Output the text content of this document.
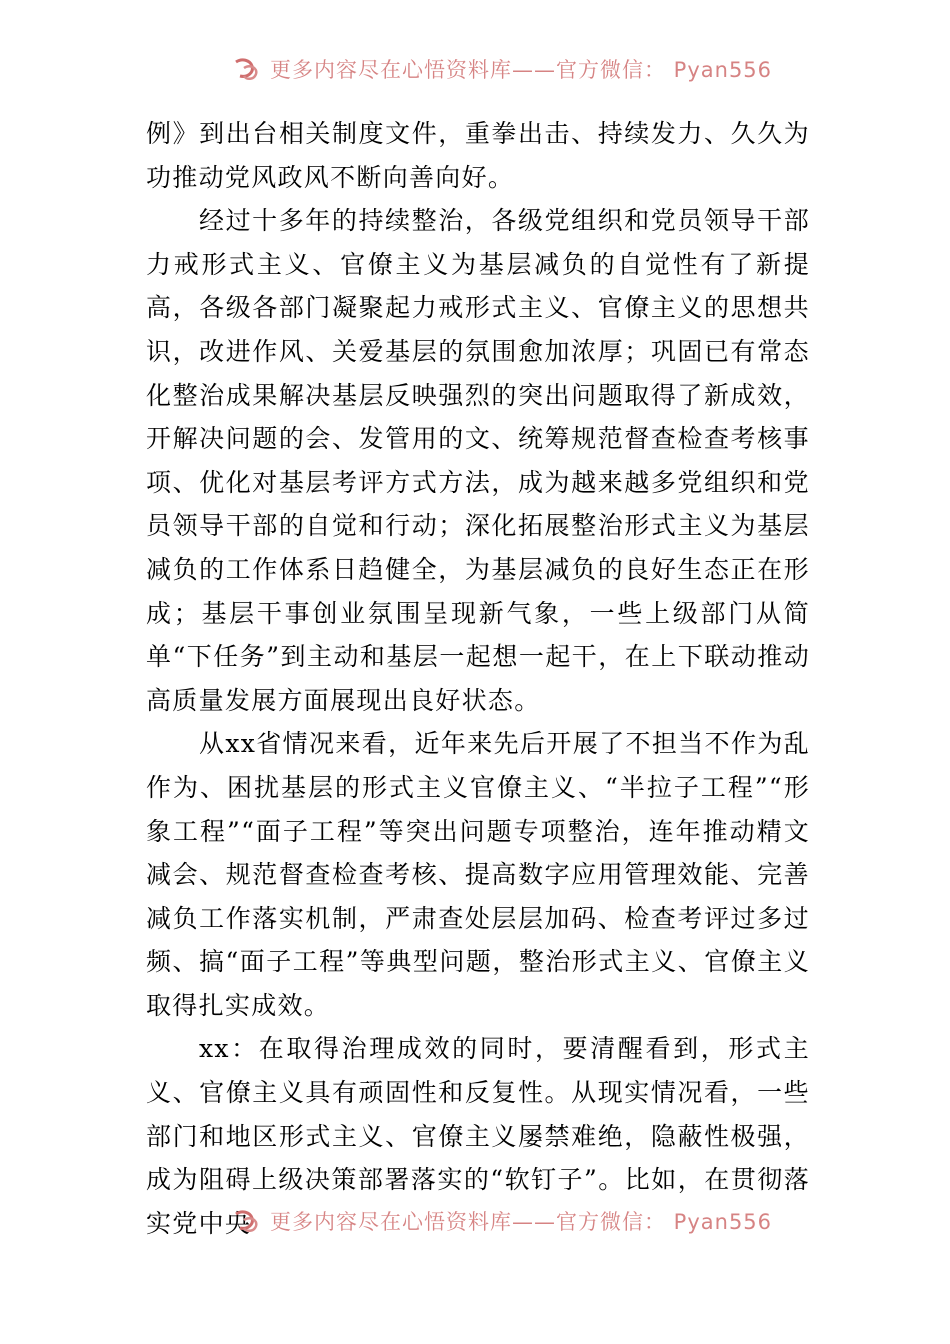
更多内容尽在心悟资料库——官方微信： Pyan556

例》到出台相关制度文件，重拳出击、持续发力、久久为功推动党风政风不断向善向好。

经过十多年的持续整治，各级党组织和党员领导干部力戒形式主义、官僚主义为基层减负的自觉性有了新提高，各级各部门凝聚起力戒形式主义、官僚主义的思想共识，改进作风、关爱基层的氛围愈加浓厚；巩固已有常态化整治成果解决基层反映强烈的突出问题取得了新成效，开解决问题的会、发管用的文、统筹规范督查检查考核事项、优化对基层考评方式方法，成为越来越多党组织和党员领导干部的自觉和行动；深化拓展整治形式主义为基层减负的工作体系日趋健全，为基层减负的良好生态正在形成；基层干事创业氛围呈现新气象，一些上级部门从简单“下任务”到主动和基层一起想一起干，在上下联动推动高质量发展方面展现出良好状态。

从xx省情况来看，近年来先后开展了不担当不作为乱作为、困扰基层的形式主义官僚主义、“半拉子工程”“形象工程”“面子工程”等突出问题专项整治，连年推动精文减会、规范督查检查考核、提高数字应用管理效能、完善减负工作落实机制，严肃查处层层加码、检查考评过多过频、搞“面子工程”等典型问题，整治形式主义、官僚主义取得扎实成效。

xx：在取得治理成效的同时，要清醒看到，形式主义、官僚主义具有顽固性和反复性。从现实情况看，一些部门和地区形式主义、官僚主义屡禁难绝，隐蔽性极强，成为阻碍上级决策部署落实的“软钉子”。比如，在贯彻落实党中央 更多内容尽在心悟资料库——官方微信： Pyan556
